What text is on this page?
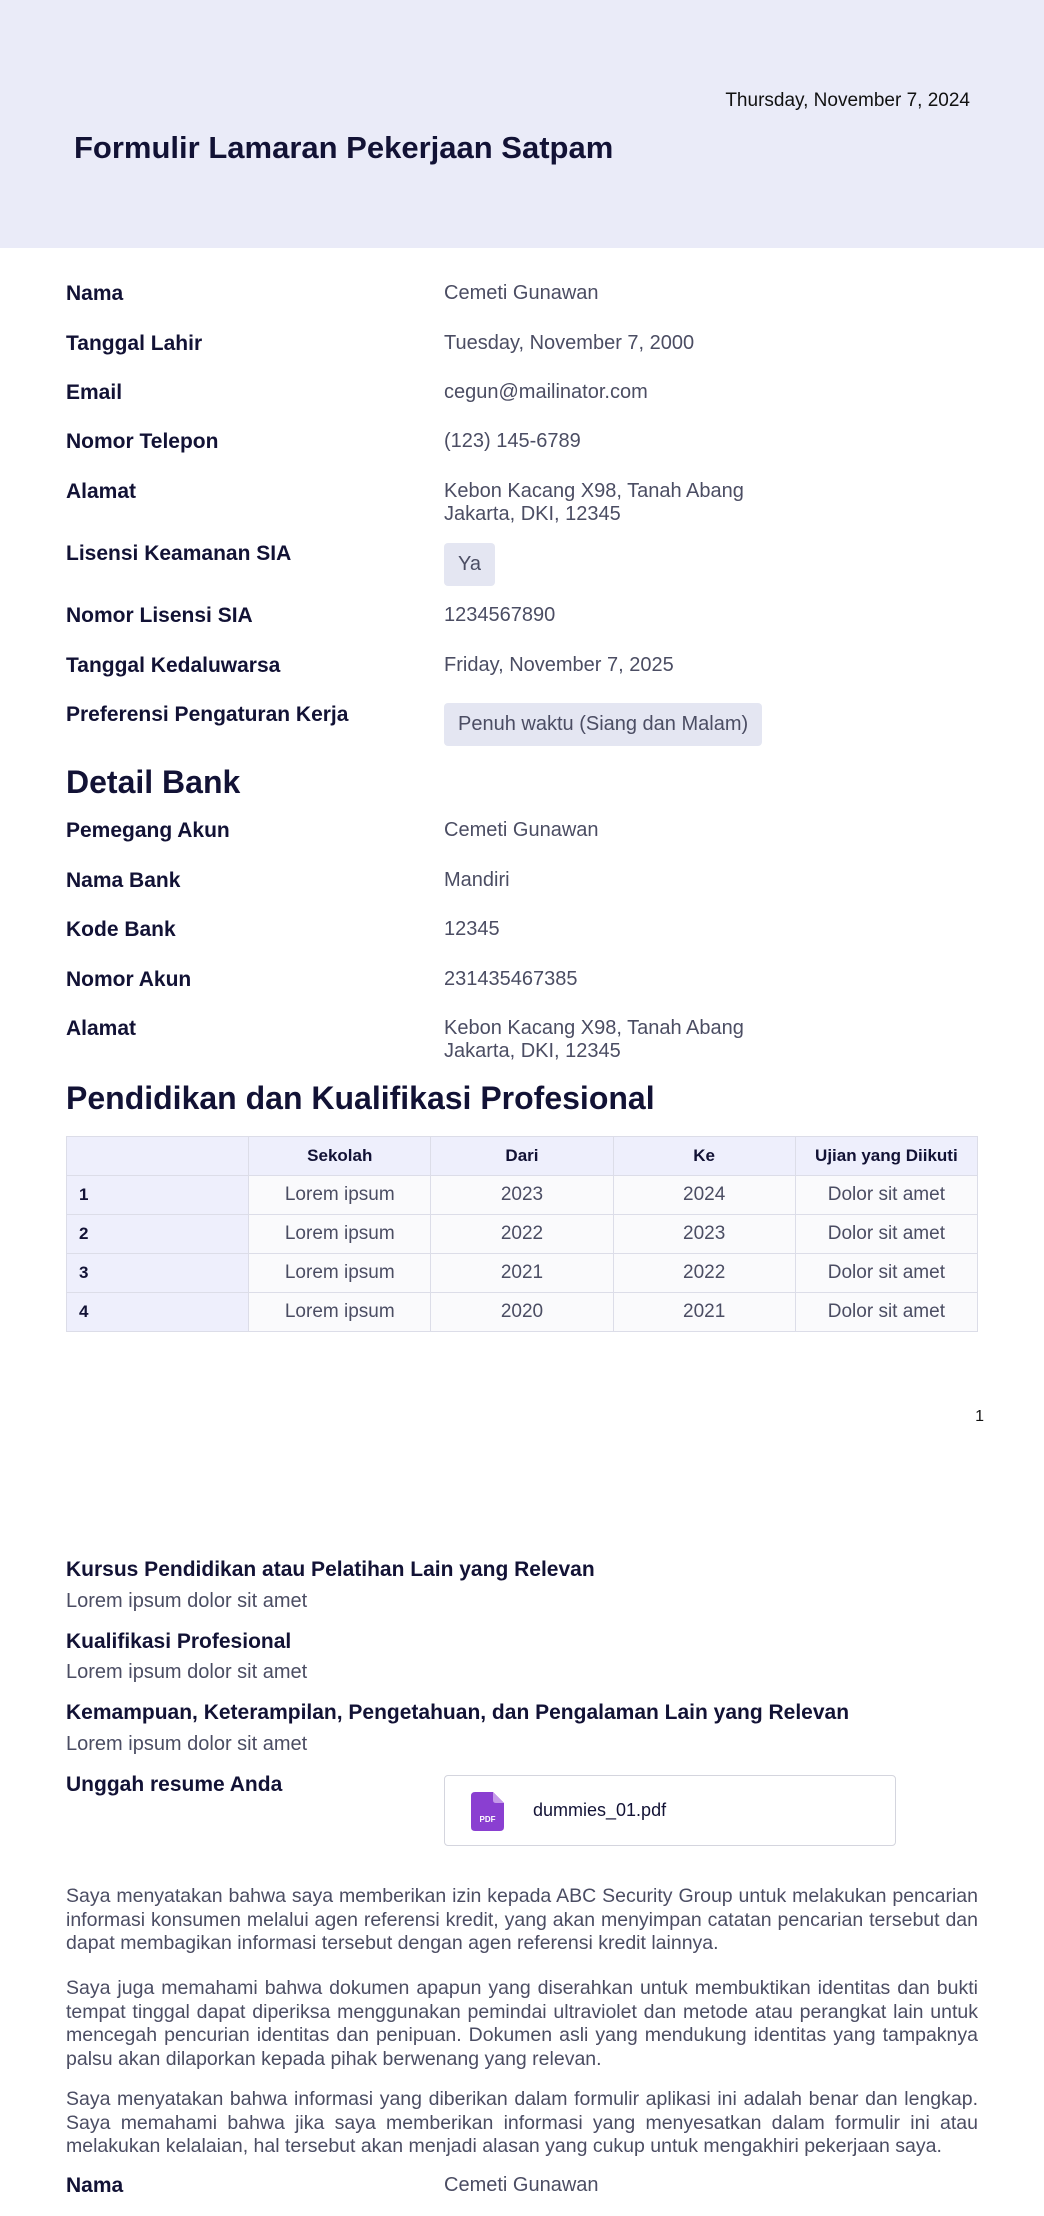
Thursday, November 7, 2024
Formulir Lamaran Pekerjaan Satpam
Nama	Cemeti Gunawan
Tanggal Lahir	Tuesday, November 7, 2000
Email	cegun@mailinator.com
Nomor Telepon	(123) 145-6789
Alamat	Kebon Kacang X98, Tanah Abang
Jakarta, DKI, 12345
Lisensi Keamanan SIA	Ya
Nomor Lisensi SIA	1234567890
Tanggal Kedaluwarsa	Friday, November 7, 2025
Preferensi Pengaturan Kerja	Penuh waktu (Siang dan Malam)
Detail Bank
Pemegang Akun	Cemeti Gunawan
Nama Bank	Mandiri
Kode Bank	12345
Nomor Akun	231435467385
Alamat	Kebon Kacang X98, Tanah Abang
Jakarta, DKI, 12345
Pendidikan dan Kualifikasi Profesional
	Sekolah	Dari	Ke	Ujian yang Diikuti
1	Lorem ipsum	2023	2024	Dolor sit amet
2	Lorem ipsum	2022	2023	Dolor sit amet
3	Lorem ipsum	2021	2022	Dolor sit amet
4	Lorem ipsum	2020	2021	Dolor sit amet
1
Kursus Pendidikan atau Pelatihan Lain yang Relevan
Lorem ipsum dolor sit amet
Kualifikasi Profesional
Lorem ipsum dolor sit amet
Kemampuan, Keterampilan, Pengetahuan, dan Pengalaman Lain yang Relevan
Lorem ipsum dolor sit amet
Unggah resume Anda
PDF dummies_01.pdf

Saya menyatakan bahwa saya memberikan izin kepada ABC Security Group untuk melakukan pencarian informasi konsumen melalui agen referensi kredit, yang akan menyimpan catatan pencarian tersebut dan dapat membagikan informasi tersebut dengan agen referensi kredit lainnya.

Saya juga memahami bahwa dokumen apapun yang diserahkan untuk membuktikan identitas dan bukti tempat tinggal dapat diperiksa menggunakan pemindai ultraviolet dan metode atau perangkat lain untuk mencegah pencurian identitas dan penipuan. Dokumen asli yang mendukung identitas yang tampaknya palsu akan dilaporkan kepada pihak berwenang yang relevan.

Saya menyatakan bahwa informasi yang diberikan dalam formulir aplikasi ini adalah benar dan lengkap. Saya memahami bahwa jika saya memberikan informasi yang menyesatkan dalam formulir ini atau melakukan kelalaian, hal tersebut akan menjadi alasan yang cukup untuk mengakhiri pekerjaan saya.

Nama	Cemeti Gunawan
